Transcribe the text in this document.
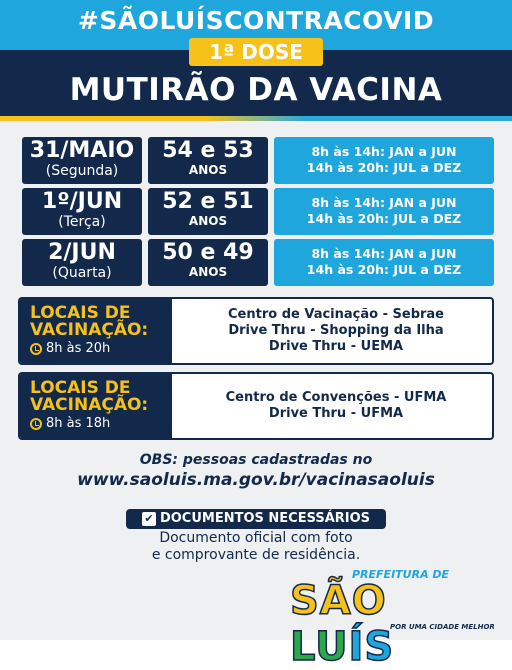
#SÃOLUÍSCONTRACOVID
1ª DOSE
MUTIRÃO DA VACINA
31/MAIO
(Segunda)
54 e 53
ANOS
8h às 14h: JAN a JUN
14h às 20h: JUL a DEZ
1º/JUN
(Terça)
52 e 51
ANOS
8h às 14h: JAN a JUN
14h às 20h: JUL a DEZ
2/JUN
(Quarta)
50 e 49
ANOS
8h às 14h: JAN a JUN
14h às 20h: JUL a DEZ
LOCAIS DE
VACINAÇÃO:
8h às 20h
Centro de Vacinação - Sebrae
Drive Thru - Shopping da Ilha
Drive Thru - UEMA
LOCAIS DE
VACINAÇÃO:
8h às 18h
Centro de Convenções - UFMA
Drive Thru - UFMA
OBS: pessoas cadastradas no
www.saoluis.ma.gov.br/vacinasaoluis
✔ DOCUMENTOS NECESSÁRIOS
Documento oficial com foto
e comprovante de residência.
PREFEITURA DE
SÃO LUÍS
POR UMA CIDADE MELHOR
